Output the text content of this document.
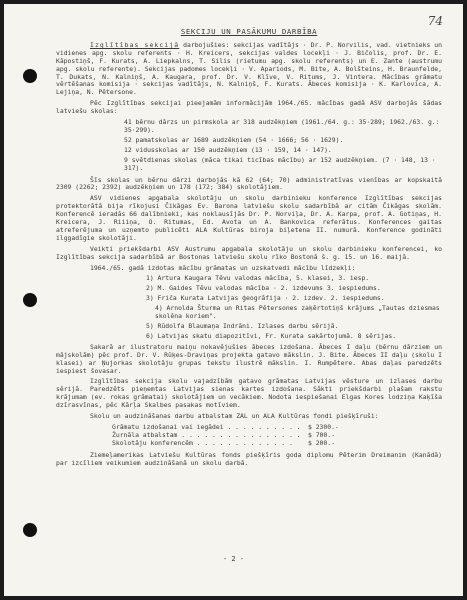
74
SEKCIJU UN PASĀKUMU DARBĪBA

Izglītības sekcijā darbojušies: sekcijas vadītājs · Dr. P. Norvilis, vad. vietnieks un vidienes apg. skolu referents · H. Kreicers, sekcijas valdes locekļi · J. Bičolis, prof. Dr. E. Kāpostiņš, F. Kurats, A. Liepkalns, T. Silis (rietumu apg. skolu referents) un E. Zante (austrumu apg. skolu referente). Sekcijas padomes locekļi · V. Apariods, M. Bite, A. Bolšteins, H. Braunfelde, T. Dukats, N. Kalniņš, A. Kaugara, prof. Dr. V. Klīve, V. Ritums, J. Vintera. Mācības grāmatu vērtēšanas komisija · sekcijas vadītājs, N. Kalniņš, F. Kurats. Ābeces komisija · K. Karlovica, A. Lejiņa, N. Pētersone.

Pēc Izglītības sekcijai pieejamām informācijām 1964./65. mācības gadā ASV darbojās šādas latviešu skolas:

41 bērnu dārzs un pirmskola ar 318 audzēkņiem (1961./64. g.: 35·289; 1962./63. g.: 35·299).
52 pamatskolas ar 1689 audzēkņiem (54 · 1666; 56 · 1629).
12 vidusskolas ar 150 audzēkņiem (13 · 159, 14 · 147).
9 svētdienas skolas (māca tikai ticības mācību) ar 152 audzēkņiem. (7 · 148, 13 · 317).

Šīs skolas un bērnu dārzi darbojās kā 62 (64; 70) administratīvas vienības ar kopskaitā 2309 (2262; 2392) audzēkņiem un 178 (172; 384) skolotājiem.

ASV vidienes apgabala skolotāju un skolu darbinieku konference Izglītības sekcijas protektorātā bija rīkojusi Čikāgas Ev. Barona latviešu skolu sadarbībā ar citām Čikāgas skolām. Konferencē ieradās 66 dalībnieki, kas noklausījās Dr. P. Norviļa, Dr. A. Karpa, prof. A. Gotiņas, H. Kreicera, J. Riiiņa, O. Ritumas, Ed. Avota un A. Bankovica referātus. Konferences gaitas atreferējuma un uzņemto publicēti ALA Kultūras biroja biļetena II. numurā. Konference godināti ilggadīgie skolotāji.

Veikti priekšdarbi ASV Austrumu apgabala skolotāju un skolu darbinieku konferencei, ko Izglītības sekcija sadarbībā ar Bostonas latviešu skolu rīko Bostonā š. g. 15. un 16. maijā.

1964./65. gadā izdotas mācību grāmatas un uzskatvedi mācību līdzekļi:

1) Artura Kaugara Tēvu valodas mācība, 5. klasei, 3. iesp.
2) M. Gaides Tēvu valodas mācība · 2. izdevums 3. iespiedums.
3) Friča Kurata Latvijas ģeogrāfija · 2. izdev. 2. iespiedums.
4) Arnolda Šturma un Ritas Pētersones zaķērtotiņš krājums „Tautas dziesmas skolēna koriem".
5) Rūdolfa Blaumaņa Indrāni. Izlases darbu sērijā.
6) Latvijas skatu diapozitīvi, Fr. Kurata sakārtojumā. 8 sērijas.

Sakarā ar ilustratoru maiņu nokavējušies ābeces izdošana. Ābeces I daļu (bērnu dārziem un mājskolām) pēc prof. Dr. V. Rūķes-Draviņas projekta gatavo mākslin. J. Bite. Ābeces II daļu (skolu I klasei) ar Ņujorkas skolotāju grupas tekstu ilustrē mākslin. I. Rumpētere. Abas daļas paredzēts iespiest šovasar.

Izglītības sekcija skolu vajadzībām gatavo grāmatas Latvijas vēsture un izlases darbu sērijā. Paredzēts pieņemtas Latvijas sienas kartes izdošana. Sākti priekšdarbi plašam rakstu krājumam (ev. rokas grāmatai) skolotājiem un vecākiem. Nodota iespiešanai Elgas Kores lodziņa Kaķīša dzīrasvīnas, pēc Kārļa Skalbes pasakas motīviem.

Skolu un audzināšanas darbu atbalstam ZAL un ALA Kultūras fondi piešķīruši:

Grāmatu izdošanai vai iegādei . . . . . . . . . .	$ 2300.-
Žurnāla atbalstam . . . . . . . . . . . . . . . .	$ 700.-
Skolotāju konferencēm . . . . . . . . . . . . .	$ 200.-

Ziemeļamerikas Latviešu Kultūras fonds piešķīris goda diplomu Pēterim Dreimanim (Kanādā) par izcīliem veikumiem audzināšanā un skolu darbā.

- 2 -
